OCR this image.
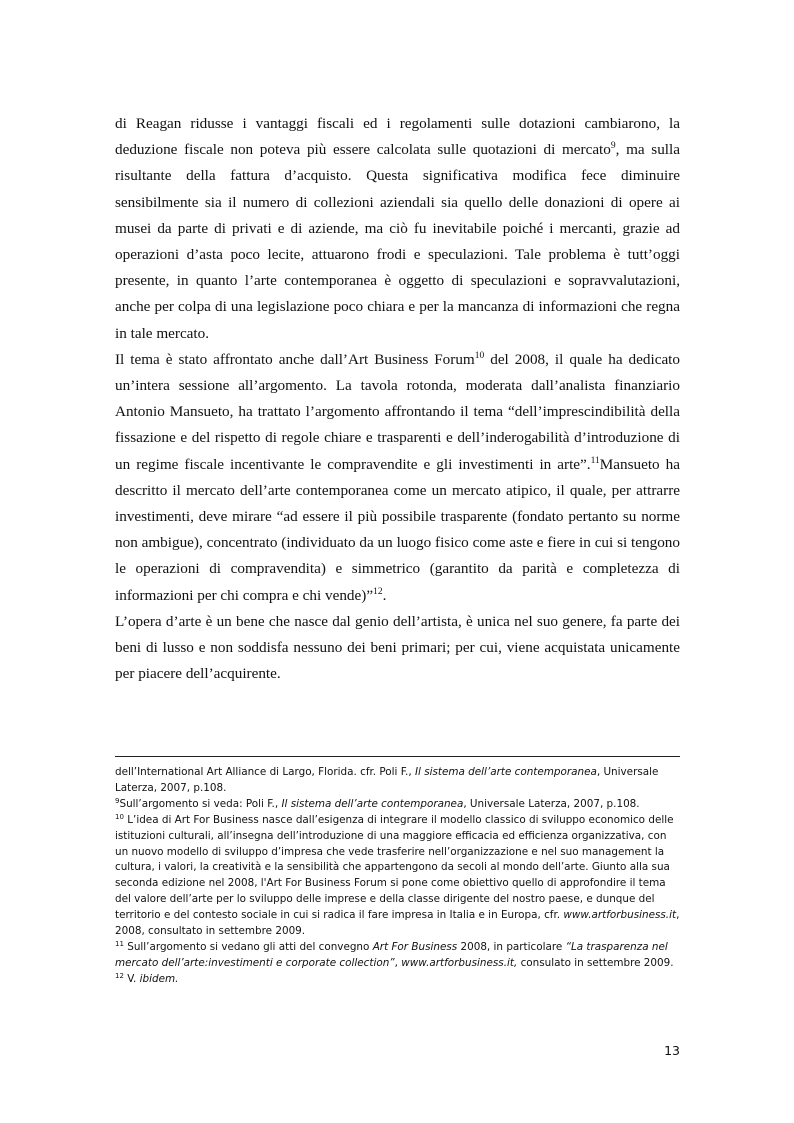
di Reagan ridusse i vantaggi fiscali ed i regolamenti sulle dotazioni cambiarono, la deduzione fiscale non poteva più essere calcolata sulle quotazioni di mercato$^9$, ma sulla risultante della fattura d’acquisto. Questa significativa modifica fece diminuire sensibilmente sia il numero di collezioni aziendali sia quello delle donazioni di opere ai musei da parte di privati e di aziende, ma ciò fu inevitabile poiché i mercanti, grazie ad operazioni d’asta poco lecite, attuarono frodi e speculazioni. Tale problema è tutt’oggi presente, in quanto l’arte contemporanea è oggetto di speculazioni e sopravvalutazioni, anche per colpa di una legislazione poco chiara e per la mancanza di informazioni che regna in tale mercato.

Il tema è stato affrontato anche dall’Art Business Forum$^{10}$ del 2008, il quale ha dedicato un’intera sessione all’argomento. La tavola rotonda, moderata dall’analista finanziario Antonio Mansueto, ha trattato l’argomento affrontando il tema “dell’imprescindibilità della fissazione e del rispetto di regole chiare e trasparenti e dell’inderogabilità d’introduzione di un regime fiscale incentivante le compravendite e gli investimenti in arte”.$^{11}$Mansueto ha descritto il mercato dell’arte contemporanea come un mercato atipico, il quale, per attrarre investimenti, deve mirare “ad essere il più possibile trasparente (fondato pertanto su norme non ambigue), concentrato (individuato da un luogo fisico come aste e fiere in cui si tengono le operazioni di compravendita) e simmetrico (garantito da parità e completezza di informazioni per chi compra e chi vende)”$^{12}$.

L’opera d’arte è un bene che nasce dal genio dell’artista, è unica nel suo genere, fa parte dei beni di lusso e non soddisfa nessuno dei beni primari; per cui, viene acquistata unicamente per piacere dell’acquirente.

dell’International Art Alliance di Largo, Florida. cfr. Poli F., Il sistema dell’arte contemporanea, Universale Laterza, 2007, p.108.

$^9$Sull’argomento si veda: Poli F., Il sistema dell’arte contemporanea, Universale Laterza, 2007, p.108.

$^{10}$ L’idea di Art For Business nasce dall’esigenza di integrare il modello classico di sviluppo economico delle istituzioni culturali, all’insegna dell’introduzione di una maggiore efficacia ed efficienza organizzativa, con un nuovo modello di sviluppo d’impresa che vede trasferire nell’organizzazione e nel suo management la cultura, i valori, la creatività e la sensibilità che appartengono da secoli al mondo dell’arte. Giunto alla sua seconda edizione nel 2008, l'Art For Business Forum si pone come obiettivo quello di approfondire il tema del valore dell’arte per lo sviluppo delle imprese e della classe dirigente del nostro paese, e dunque del territorio e del contesto sociale in cui si radica il fare impresa in Italia e in Europa, cfr. www.artforbusiness.it, 2008, consultato in settembre 2009.

$^{11}$ Sull’argomento si vedano gli atti del convegno Art For Business 2008, in particolare “La trasparenza nel mercato dell’arte:investimenti e corporate collection”, www.artforbusiness.it, consulato in settembre 2009.

$^{12}$ V. ibidem.

13
